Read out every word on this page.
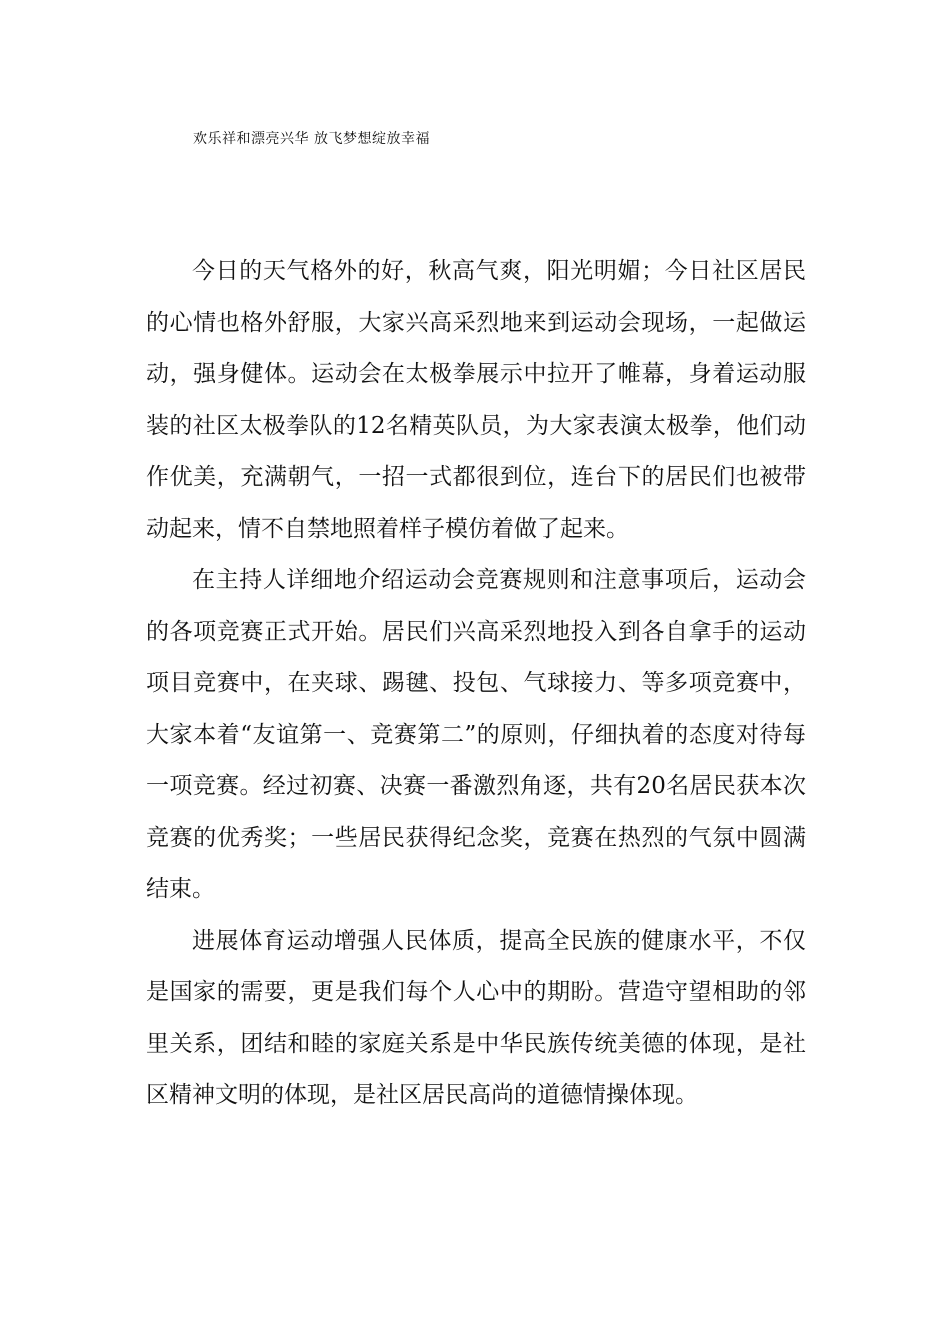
欢乐祥和漂亮兴华 放飞梦想绽放幸福

今日的天气格外的好，秋高气爽，阳光明媚；今日社区居民的心情也格外舒服，大家兴高采烈地来到运动会现场，一起做运动，强身健体。运动会在太极拳展示中拉开了帷幕，身着运动服装的社区太极拳队的12名精英队员，为大家表演太极拳，他们动作优美，充满朝气，一招一式都很到位，连台下的居民们也被带动起来，情不自禁地照着样子模仿着做了起来。

在主持人详细地介绍运动会竞赛规则和注意事项后，运动会的各项竞赛正式开始。居民们兴高采烈地投入到各自拿手的运动项目竞赛中，在夹球、踢毽、投包、气球接力、等多项竞赛中，大家本着“友谊第一、竞赛第二”的原则，仔细执着的态度对待每一项竞赛。经过初赛、决赛一番激烈角逐，共有20名居民获本次竞赛的优秀奖；一些居民获得纪念奖，竞赛在热烈的气氛中圆满结束。

进展体育运动增强人民体质，提高全民族的健康水平，不仅是国家的需要，更是我们每个人心中的期盼。营造守望相助的邻里关系，团结和睦的家庭关系是中华民族传统美德的体现，是社区精神文明的体现，是社区居民高尚的道德情操体现。
